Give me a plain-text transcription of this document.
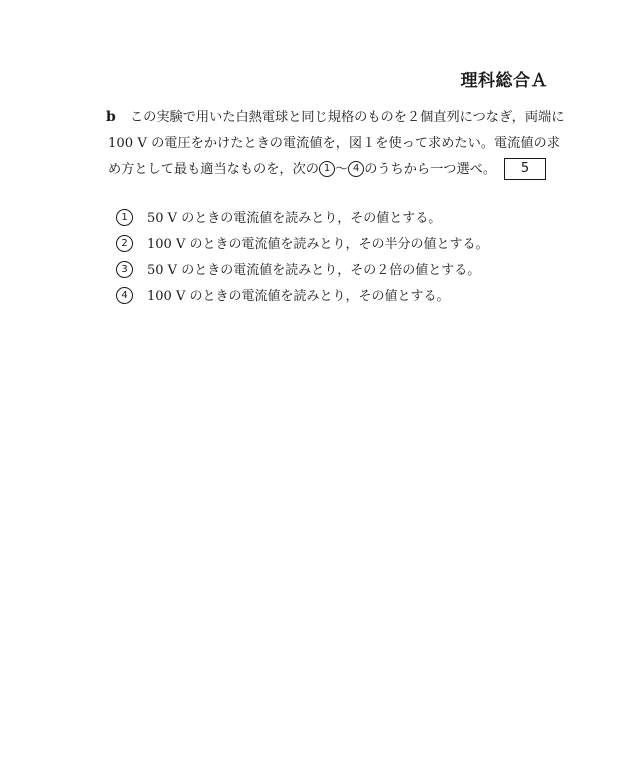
理科総合Ａ
b この実験で用いた白熱電球と同じ規格のものを２個直列につなぎ，両端に
100 V の電圧をかけたときの電流値を，図１を使って求めたい。電流値の求
め方として最も適当なものを，次の 1 〜 4 のうちから一つ選べ。 5
1 50 V のときの電流値を読みとり，その値とする。
2 100 V のときの電流値を読みとり，その半分の値とする。
3 50 V のときの電流値を読みとり，その２倍の値とする。
4 100 V のときの電流値を読みとり，その値とする。
